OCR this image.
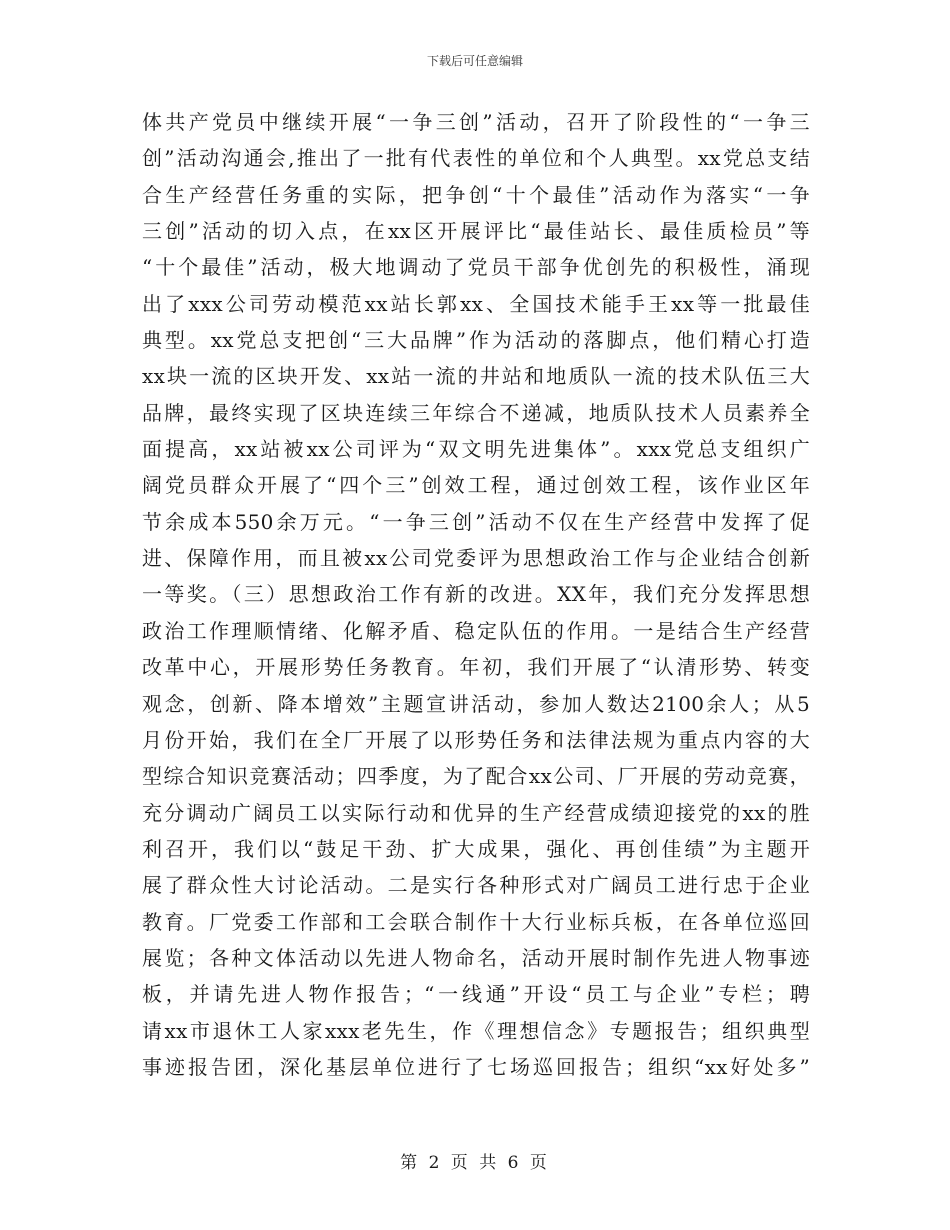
下载后可任意编辑
体共产党员中继续开展“一争三创”活动，召开了阶段性的“一争三
创”活动沟通会,推出了一批有代表性的单位和个人典型。xx党总支结
合生产经营任务重的实际，把争创“十个最佳”活动作为落实“一争
三创”活动的切入点，在xx区开展评比“最佳站长、最佳质检员”等
“十个最佳”活动，极大地调动了党员干部争优创先的积极性，涌现
出了xxx公司劳动模范xx站长郭xx、全国技术能手王xx等一批最佳
典型。xx党总支把创“三大品牌”作为活动的落脚点，他们精心打造
xx块一流的区块开发、xx站一流的井站和地质队一流的技术队伍三大
品牌，最终实现了区块连续三年综合不递减，地质队技术人员素养全
面提高，xx站被xx公司评为“双文明先进集体”。xxx党总支组织广
阔党员群众开展了“四个三”创效工程，通过创效工程，该作业区年
节余成本550余万元。“一争三创”活动不仅在生产经营中发挥了促
进、保障作用，而且被xx公司党委评为思想政治工作与企业结合创新
一等奖。（三）思想政治工作有新的改进。XX年，我们充分发挥思想
政治工作理顺情绪、化解矛盾、稳定队伍的作用。一是结合生产经营
改革中心，开展形势任务教育。年初，我们开展了“认清形势、转变
观念，创新、降本增效”主题宣讲活动，参加人数达2100余人；从5
月份开始，我们在全厂开展了以形势任务和法律法规为重点内容的大
型综合知识竞赛活动；四季度，为了配合xx公司、厂开展的劳动竞赛，
充分调动广阔员工以实际行动和优异的生产经营成绩迎接党的xx的胜
利召开，我们以“鼓足干劲、扩大成果，强化、再创佳绩”为主题开
展了群众性大讨论活动。二是实行各种形式对广阔员工进行忠于企业
教育。厂党委工作部和工会联合制作十大行业标兵板，在各单位巡回
展览；各种文体活动以先进人物命名，活动开展时制作先进人物事迹
板，并请先进人物作报告；“一线通”开设“员工与企业”专栏；聘
请xx市退休工人家xxx老先生，作《理想信念》专题报告；组织典型
事迹报告团，深化基层单位进行了七场巡回报告；组织“xx好处多”
第 2 页 共 6 页
